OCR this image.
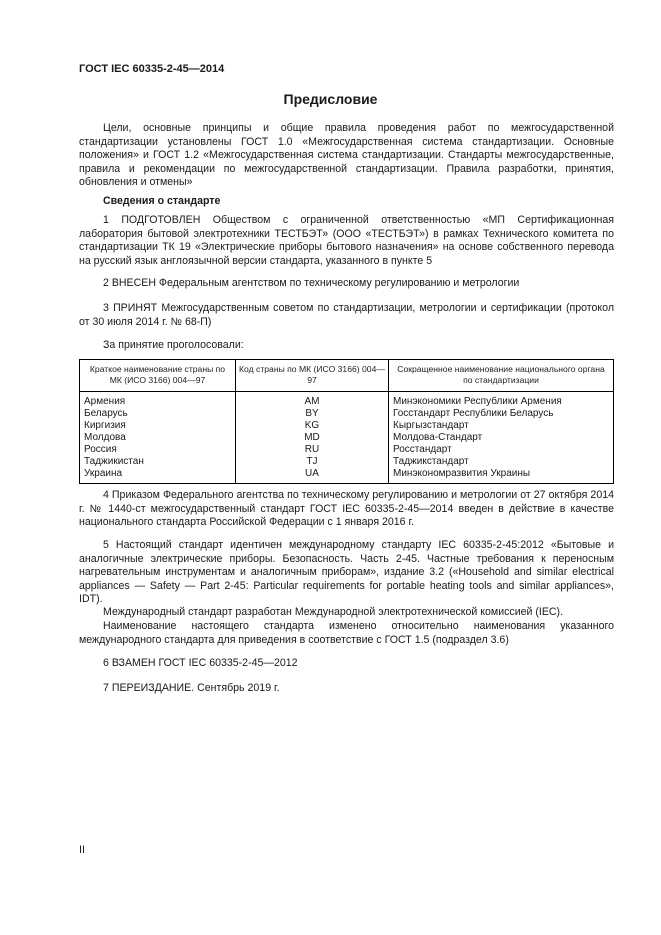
ГОСТ IEC 60335-2-45—2014
Предисловие

Цели, основные принципы и общие правила проведения работ по межгосударственной стандартизации установлены ГОСТ 1.0 «Межгосударственная система стандартизации. Основные положения» и ГОСТ 1.2 «Межгосударственная система стандартизации. Стандарты межгосударственные, правила и рекомендации по межгосударственной стандартизации. Правила разработки, принятия, обновления и отмены»

Сведения о стандарте

1 ПОДГОТОВЛЕН Обществом с ограниченной ответственностью «МП Сертификационная лаборатория бытовой электротехники ТЕСТБЭТ» (ООО «ТЕСТБЭТ») в рамках Технического комитета по стандартизации ТК 19 «Электрические приборы бытового назначения» на основе собственного перевода на русский язык англоязычной версии стандарта, указанного в пункте 5

2 ВНЕСЕН Федеральным агентством по техническому регулированию и метрологии

3 ПРИНЯТ Межгосударственным советом по стандартизации, метрологии и сертификации (протокол от 30 июля 2014 г. № 68-П)

За принятие проголосовали:

Краткое наименование страны по МК (ИСО 3166) 004—97	Код страны по МК (ИСО 3166) 004—97	Сокращенное наименование национального органа по стандартизации
Армения	AM	Минэкономики Республики Армения
Беларусь	BY	Госстандарт Республики Беларусь
Киргизия	KG	Кыргызстандарт
Молдова	MD	Молдова-Стандарт
Россия	RU	Росстандарт
Таджикистан	TJ	Таджикстандарт
Украина	UA	Минэкономразвития Украины

4 Приказом Федерального агентства по техническому регулированию и метрологии от 27 октября 2014 г. № 1440-ст межгосударственный стандарт ГОСТ IEC 60335-2-45—2014 введен в действие в качестве национального стандарта Российской Федерации с 1 января 2016 г.

5 Настоящий стандарт идентичен международному стандарту IEC 60335-2-45:2012 «Бытовые и аналогичные электрические приборы. Безопасность. Часть 2-45. Частные требования к переносным нагревательным инструментам и аналогичным приборам», издание 3.2 («Household and similar electrical appliances — Safety — Part 2-45: Particular requirements for portable heating tools and similar appliances», IDT).

Международный стандарт разработан Международной электротехнической комиссией (IEC).

Наименование настоящего стандарта изменено относительно наименования указанного международного стандарта для приведения в соответствие с ГОСТ 1.5 (подраздел 3.6)

6 ВЗАМЕН ГОСТ IEC 60335-2-45—2012

7 ПЕРЕИЗДАНИЕ. Сентябрь 2019 г.

II
